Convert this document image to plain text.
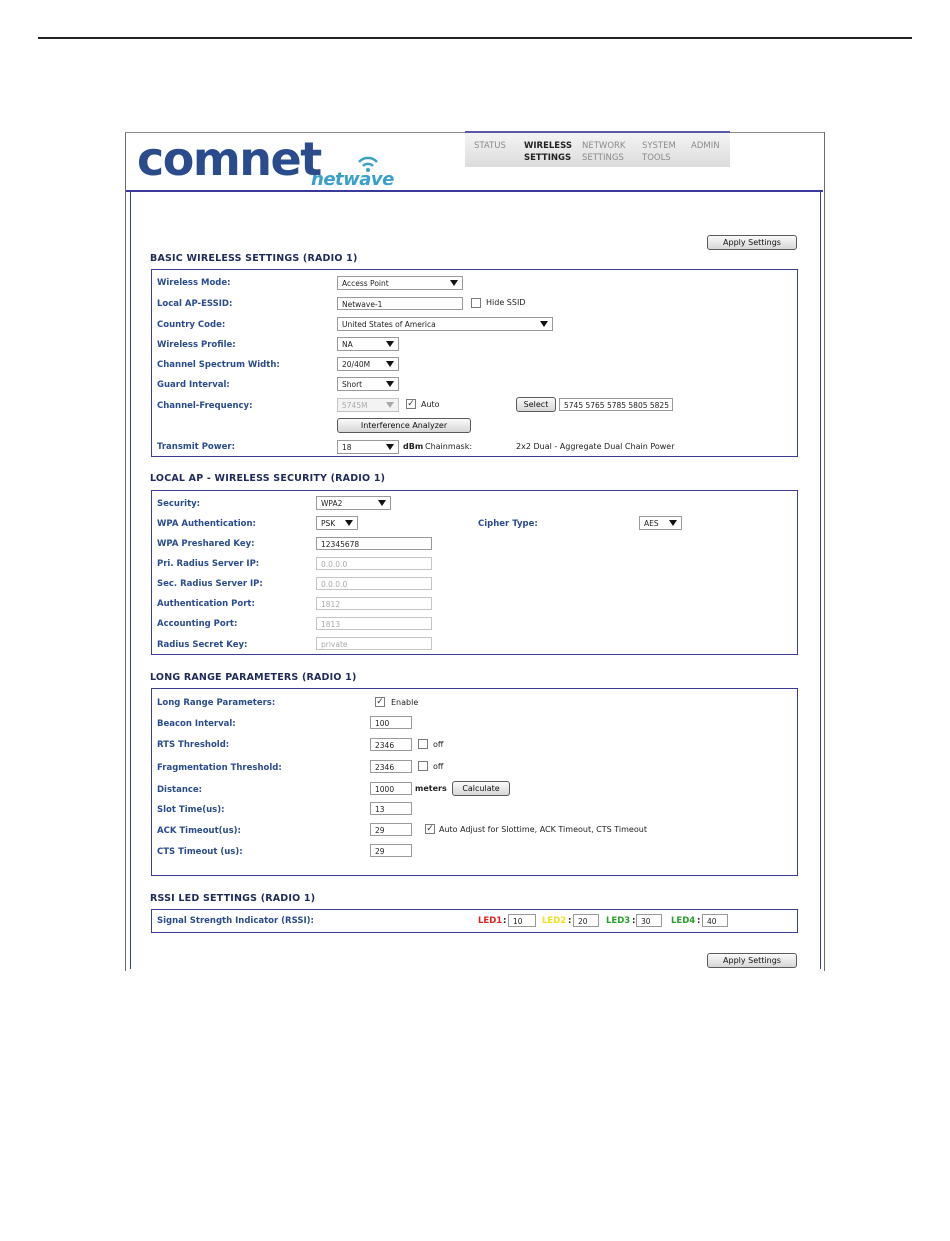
comnet
netwave
STATUS WIRELESS
SETTINGS
NETWORK
SETTINGS
SYSTEM
TOOLS
ADMIN
Apply Settings
BASIC WIRELESS SETTINGS (RADIO 1)
Wireless Mode:	Access Point
Local AP-ESSID:	Netwave-1	Hide SSID
Country Code:	United States of America
Wireless Profile:	NA
Channel Spectrum Width:	20/40M
Guard Interval:	Short
Channel-Frequency:	5745M	✓ Auto	Select	5745 5765 5785 5805 5825
Interference Analyzer
Transmit Power:	18	dBm Chainmask:	2x2 Dual - Aggregate Dual Chain Power
LOCAL AP - WIRELESS SECURITY (RADIO 1)
Security:	WPA2
WPA Authentication:	PSK	Cipher Type:	AES
WPA Preshared Key:	12345678
Pri. Radius Server IP:	0.0.0.0
Sec. Radius Server IP:	0.0.0.0
Authentication Port:	1812
Accounting Port:	1813
Radius Secret Key:	private
LONG RANGE PARAMETERS (RADIO 1)
Long Range Parameters:	✓ Enable
Beacon Interval:	100
RTS Threshold:	2346	off
Fragmentation Threshold:	2346	off
Distance:	1000	meters	Calculate
Slot Time(us):	13
ACK Timeout(us):	29	✓ Auto Adjust for Slottime, ACK Timeout, CTS Timeout
CTS Timeout (us):	29
RSSI LED SETTINGS (RADIO 1)
Signal Strength Indicator (RSSI):	LED1 : 10	LED2 : 20	LED3 : 30	LED4 : 40
Apply Settings
